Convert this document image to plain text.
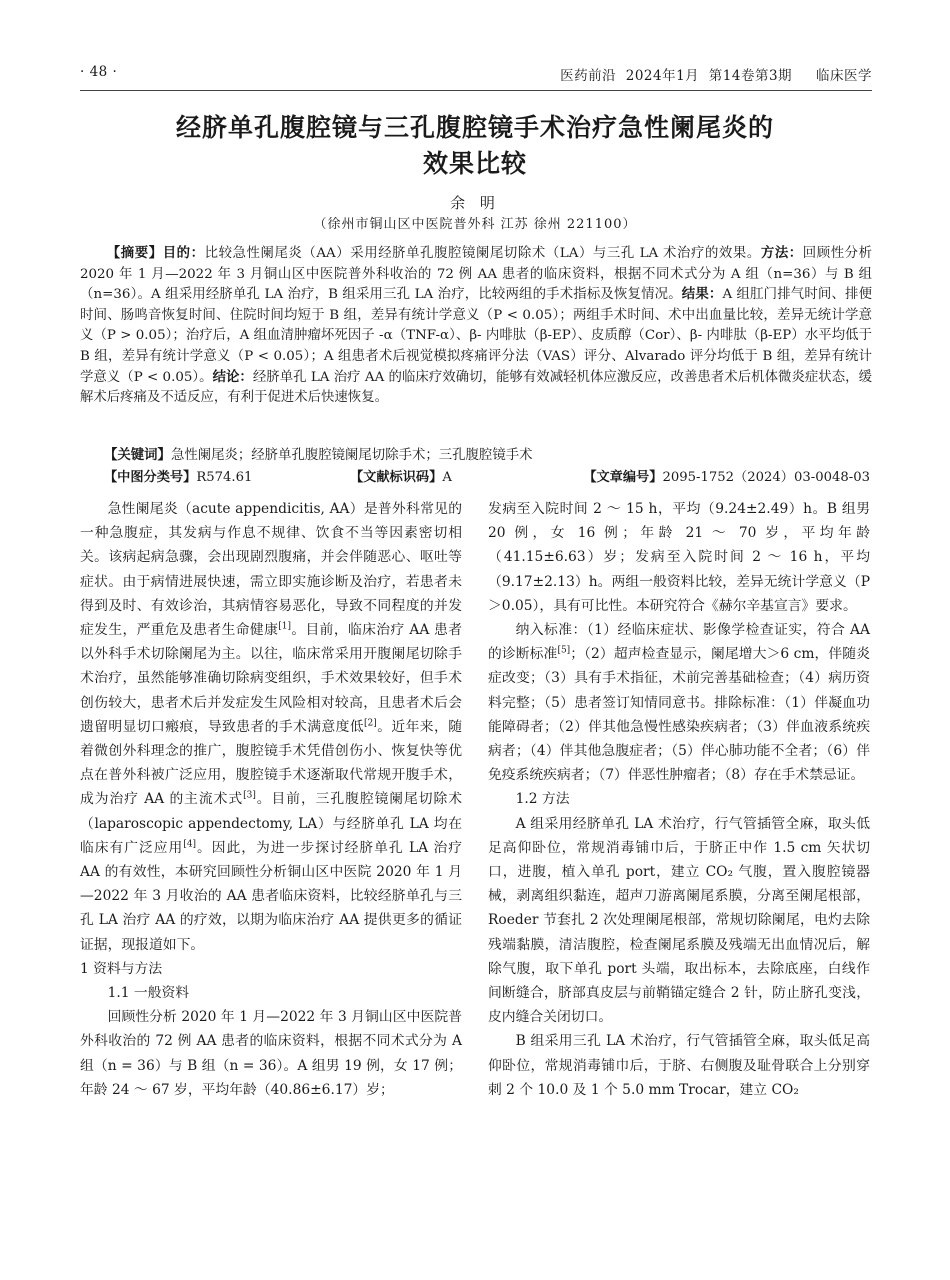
· 48 ·	医药前沿  2024年1月  第14卷第3期     临床医学
经脐单孔腹腔镜与三孔腹腔镜手术治疗急性阑尾炎的
效果比较
余 明
（徐州市铜山区中医院普外科 江苏 徐州 221100）
【摘要】目的：比较急性阑尾炎（AA）采用经脐单孔腹腔镜阑尾切除术（LA）与三孔 LA 术治疗的效果。方法：回顾性分析 2020 年 1 月—2022 年 3 月铜山区中医院普外科收治的 72 例 AA 患者的临床资料，根据不同术式分为 A 组（n=36）与 B 组（n=36）。A 组采用经脐单孔 LA 治疗，B 组采用三孔 LA 治疗，比较两组的手术指标及恢复情况。结果：A 组肛门排气时间、排便时间、肠鸣音恢复时间、住院时间均短于 B 组，差异有统计学意义（P < 0.05）；两组手术时间、术中出血量比较，差异无统计学意义（P > 0.05）；治疗后，A 组血清肿瘤坏死因子 -α（TNF-α）、β- 内啡肽（β-EP）、皮质醇（Cor）、β- 内啡肽（β-EP）水平均低于 B 组，差异有统计学意义（P < 0.05）；A 组患者术后视觉模拟疼痛评分法（VAS）评分、Alvarado 评分均低于 B 组，差异有统计学意义（P < 0.05）。结论：经脐单孔 LA 治疗 AA 的临床疗效确切，能够有效减轻机体应激反应，改善患者术后机体微炎症状态，缓解术后疼痛及不适反应，有利于促进术后快速恢复。
【关键词】急性阑尾炎；经脐单孔腹腔镜阑尾切除手术；三孔腹腔镜手术
【中图分类号】R574.61	【文献标识码】A	【文章编号】2095-1752（2024）03-0048-03

急性阑尾炎（acute appendicitis, AA）是普外科常见的一种急腹症，其发病与作息不规律、饮食不当等因素密切相关。该病起病急骤，会出现剧烈腹痛，并会伴随恶心、呕吐等症状。由于病情进展快速，需立即实施诊断及治疗，若患者未得到及时、有效诊治，其病情容易恶化，导致不同程度的并发症发生，严重危及患者生命健康[1]。目前，临床治疗 AA 患者以外科手术切除阑尾为主。以往，临床常采用开腹阑尾切除手术治疗，虽然能够准确切除病变组织，手术效果较好，但手术创伤较大，患者术后并发症发生风险相对较高，且患者术后会遗留明显切口瘢痕，导致患者的手术满意度低[2]。近年来，随着微创外科理念的推广，腹腔镜手术凭借创伤小、恢复快等优点在普外科被广泛应用，腹腔镜手术逐渐取代常规开腹手术，成为治疗 AA 的主流术式[3]。目前，三孔腹腔镜阑尾切除术（laparoscopic appendectomy, LA）与经脐单孔 LA 均在临床有广泛应用[4]。因此，为进一步探讨经脐单孔 LA 治疗 AA 的有效性，本研究回顾性分析铜山区中医院 2020 年 1 月—2022 年 3 月收治的 AA 患者临床资料，比较经脐单孔与三孔 LA 治疗 AA 的疗效，以期为临床治疗 AA 提供更多的循证证据，现报道如下。

1 资料与方法

1.1 一般资料

回顾性分析 2020 年 1 月—2022 年 3 月铜山区中医院普外科收治的 72 例 AA 患者的临床资料，根据不同术式分为 A 组（n = 36）与 B 组（n = 36）。A 组男 19 例，女 17 例；年龄 24 ～ 67 岁，平均年龄（40.86±6.17）岁；

发病至入院时间 2 ～ 15 h，平均（9.24±2.49）h。B 组男 20 例，女 16 例；年龄 21 ～ 70 岁，平均年龄（41.15±6.63）岁；发病至入院时间 2 ～ 16 h，平均（9.17±2.13）h。两组一般资料比较，差异无统计学意义（P＞0.05），具有可比性。本研究符合《赫尔辛基宣言》要求。

纳入标准：（1）经临床症状、影像学检查证实，符合 AA 的诊断标准[5]；（2）超声检查显示，阑尾增大＞6 cm，伴随炎症改变；（3）具有手术指征，术前完善基础检查；（4）病历资料完整；（5）患者签订知情同意书。排除标准：（1）伴凝血功能障碍者；（2）伴其他急慢性感染疾病者；（3）伴血液系统疾病者；（4）伴其他急腹症者；（5）伴心肺功能不全者；（6）伴免疫系统疾病者；（7）伴恶性肿瘤者；（8）存在手术禁忌证。

1.2 方法

A 组采用经脐单孔 LA 术治疗，行气管插管全麻，取头低足高仰卧位，常规消毒铺巾后，于脐正中作 1.5 cm 矢状切口，进腹，植入单孔 port，建立 CO₂ 气腹，置入腹腔镜器械，剥离组织黏连，超声刀游离阑尾系膜，分离至阑尾根部，Roeder 节套扎 2 次处理阑尾根部，常规切除阑尾，电灼去除残端黏膜，清洁腹腔，检查阑尾系膜及残端无出血情况后，解除气腹，取下单孔 port 头端，取出标本，去除底座，白线作间断缝合，脐部真皮层与前鞘锚定缝合 2 针，防止脐孔变浅，皮内缝合关闭切口。

B 组采用三孔 LA 术治疗，行气管插管全麻，取头低足高仰卧位，常规消毒铺巾后，于脐、右侧腹及耻骨联合上分别穿刺 2 个 10.0 及 1 个 5.0 mm Trocar，建立 CO₂
